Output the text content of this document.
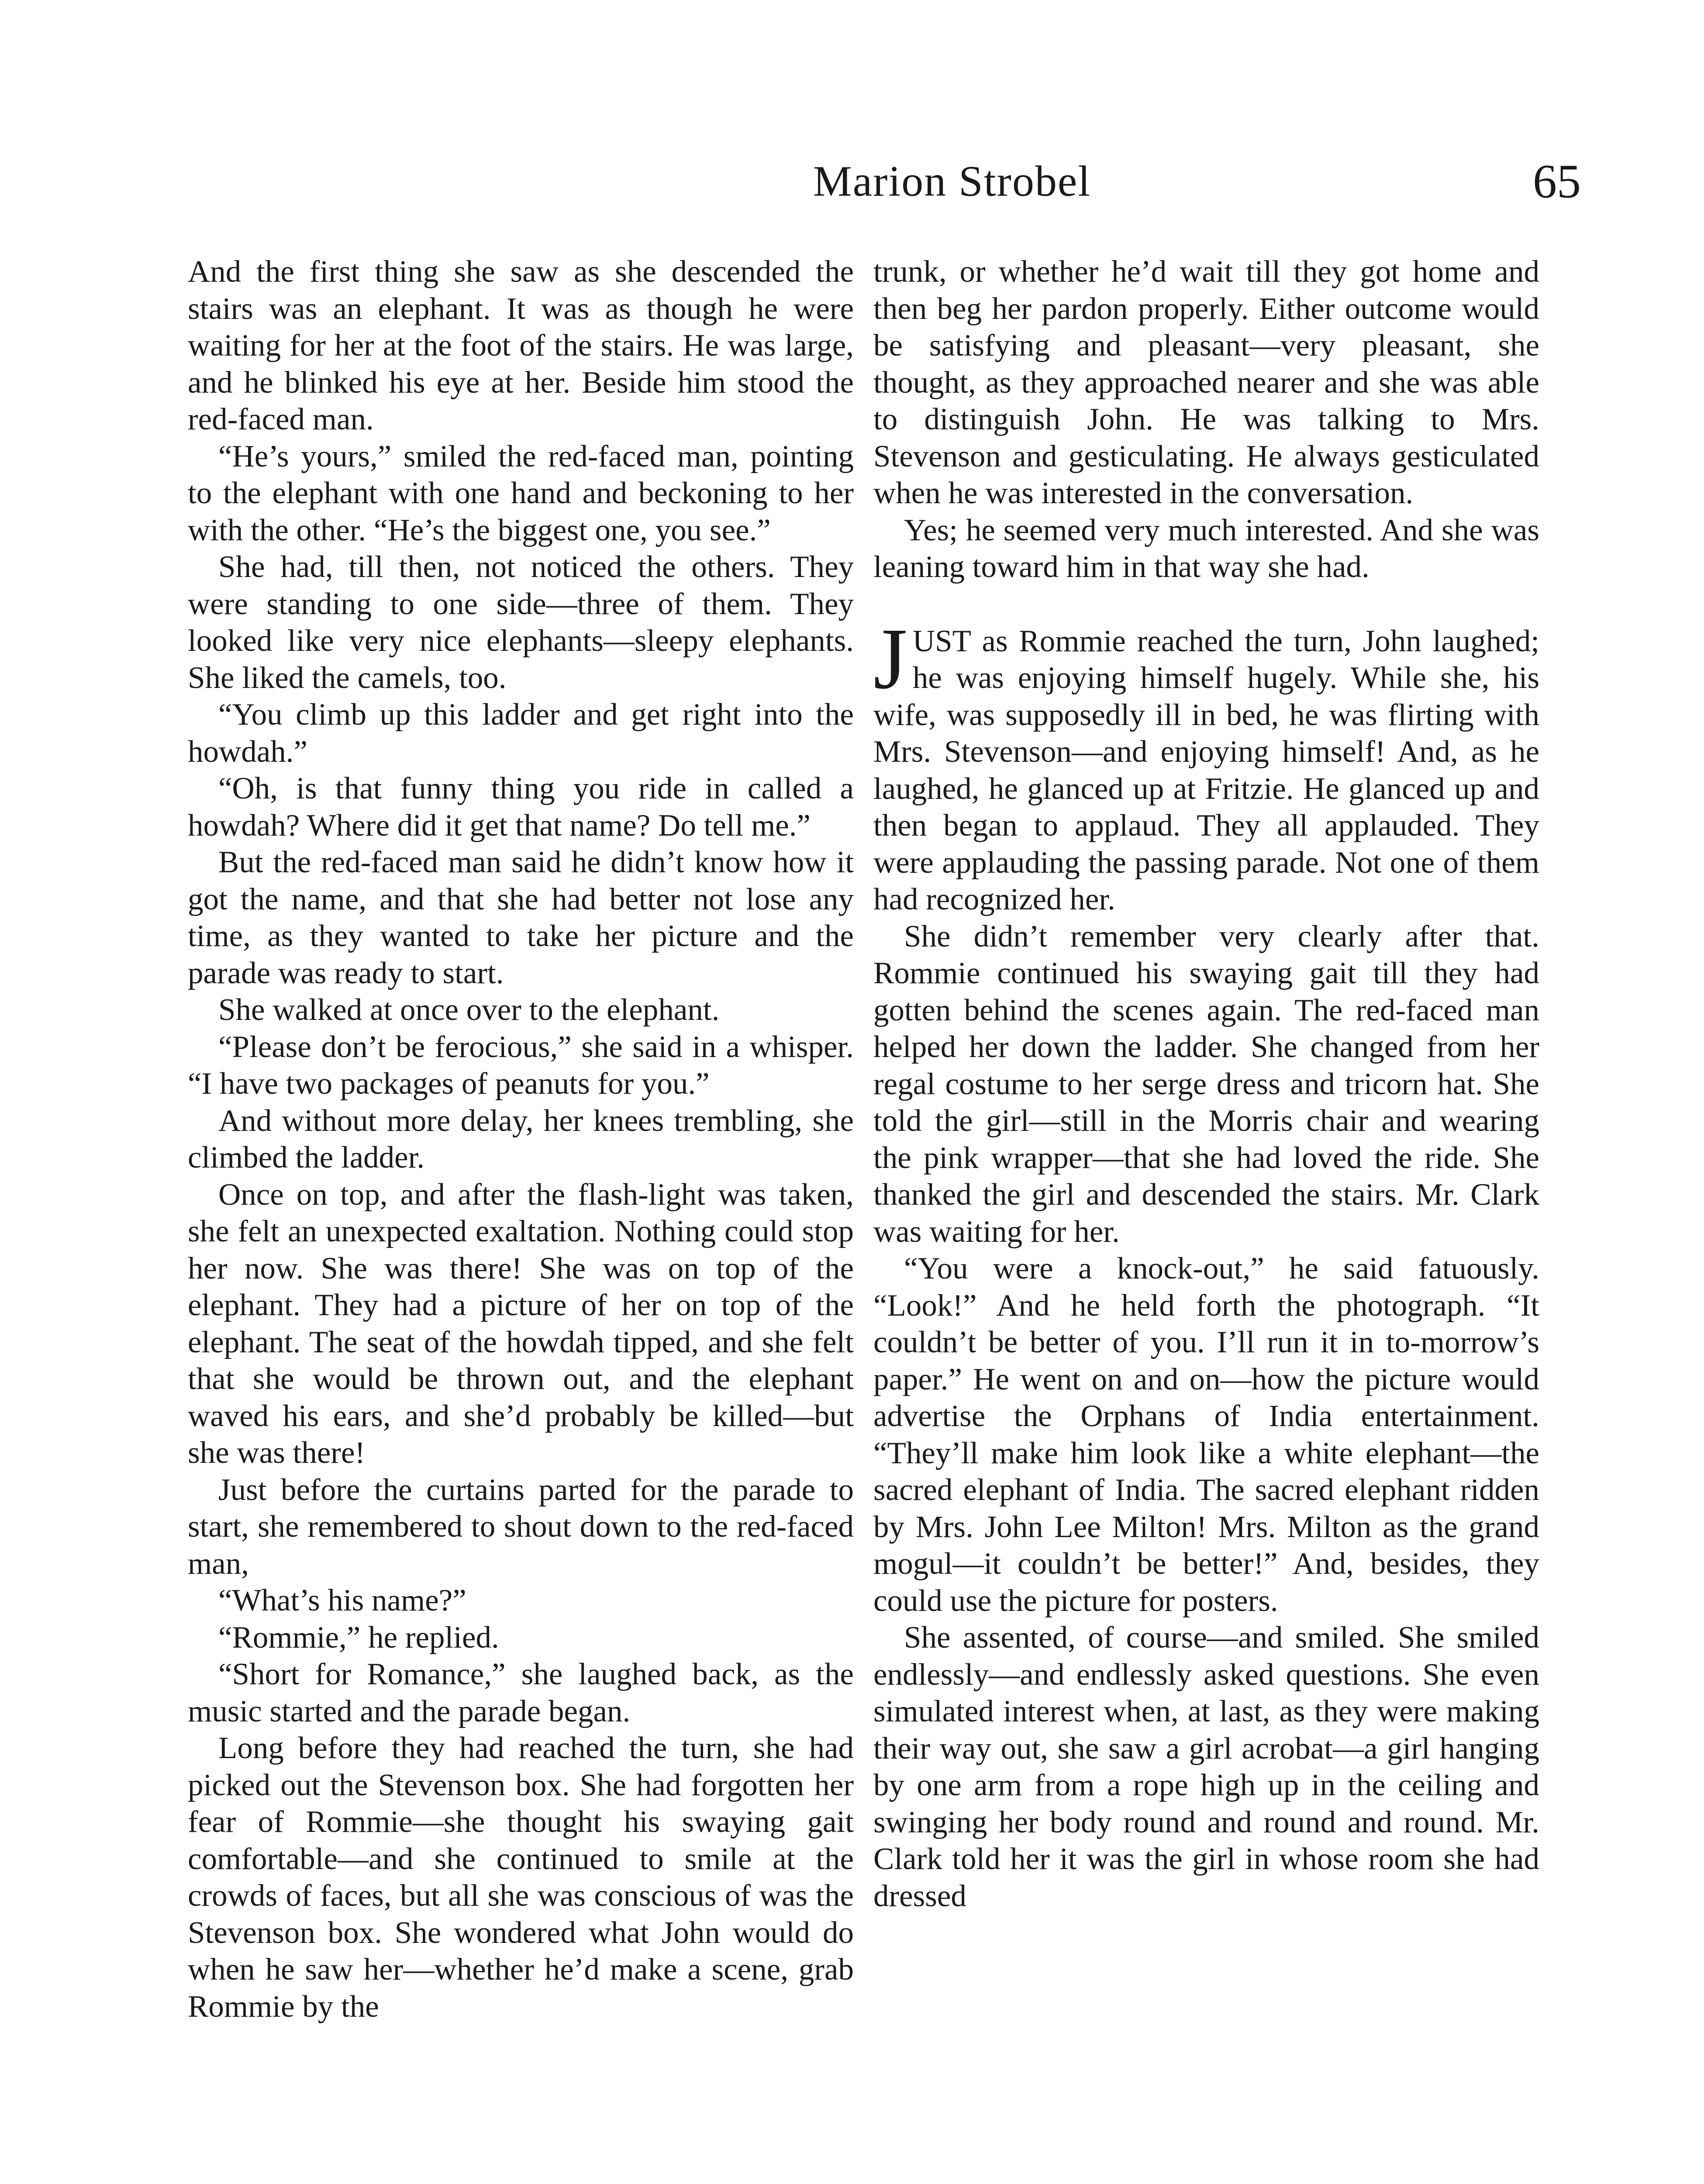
Marion Strobel	65

And the first thing she saw as she descended the stairs was an elephant. It was as though he were waiting for her at the foot of the stairs. He was large, and he blinked his eye at her. Beside him stood the red-faced man.

“He’s yours,” smiled the red-faced man, pointing to the elephant with one hand and beckoning to her with the other. “He’s the biggest one, you see.”

She had, till then, not noticed the others. They were standing to one side—three of them. They looked like very nice elephants—sleepy elephants. She liked the camels, too.

“You climb up this ladder and get right into the howdah.”

“Oh, is that funny thing you ride in called a howdah? Where did it get that name? Do tell me.”

But the red-faced man said he didn’t know how it got the name, and that she had better not lose any time, as they wanted to take her picture and the parade was ready to start.

She walked at once over to the elephant.

“Please don’t be ferocious,” she said in a whisper. “I have two packages of peanuts for you.”

And without more delay, her knees trembling, she climbed the ladder.

Once on top, and after the flash-light was taken, she felt an unexpected exaltation. Nothing could stop her now. She was there! She was on top of the elephant. They had a picture of her on top of the elephant. The seat of the howdah tipped, and she felt that she would be thrown out, and the elephant waved his ears, and she’d probably be killed—but she was there!

Just before the curtains parted for the parade to start, she remembered to shout down to the red-faced man,

“What’s his name?”

“Rommie,” he replied.

“Short for Romance,” she laughed back, as the music started and the parade began.

Long before they had reached the turn, she had picked out the Stevenson box. She had forgotten her fear of Rommie—she thought his swaying gait comfortable—and she continued to smile at the crowds of faces, but all she was conscious of was the Stevenson box. She wondered what John would do when he saw her—whether he’d make a scene, grab Rommie by the

trunk, or whether he’d wait till they got home and then beg her pardon properly. Either outcome would be satisfying and pleasant—very pleasant, she thought, as they approached nearer and she was able to distinguish John. He was talking to Mrs. Stevenson and gesticulating. He always gesticulated when he was interested in the conversation.

Yes; he seemed very much interested. And she was leaning toward him in that way she had.

JUST as Rommie reached the turn, John laughed; he was enjoying himself hugely. While she, his wife, was supposedly ill in bed, he was flirting with Mrs. Stevenson—and enjoying himself! And, as he laughed, he glanced up at Fritzie. He glanced up and then began to applaud. They all applauded. They were applauding the passing parade. Not one of them had recognized her.

She didn’t remember very clearly after that. Rommie continued his swaying gait till they had gotten behind the scenes again. The red-faced man helped her down the ladder. She changed from her regal costume to her serge dress and tricorn hat. She told the girl—still in the Morris chair and wearing the pink wrapper—that she had loved the ride. She thanked the girl and descended the stairs. Mr. Clark was waiting for her.

“You were a knock-out,” he said fatuously. “Look!” And he held forth the photograph. “It couldn’t be better of you. I’ll run it in to-morrow’s paper.” He went on and on—how the picture would advertise the Orphans of India entertainment. “They’ll make him look like a white elephant—the sacred elephant of India. The sacred elephant ridden by Mrs. John Lee Milton! Mrs. Milton as the grand mogul—it couldn’t be better!” And, besides, they could use the picture for posters.

She assented, of course—and smiled. She smiled endlessly—and endlessly asked questions. She even simulated interest when, at last, as they were making their way out, she saw a girl acrobat—a girl hanging by one arm from a rope high up in the ceiling and swinging her body round and round and round. Mr. Clark told her it was the girl in whose room she had dressed
